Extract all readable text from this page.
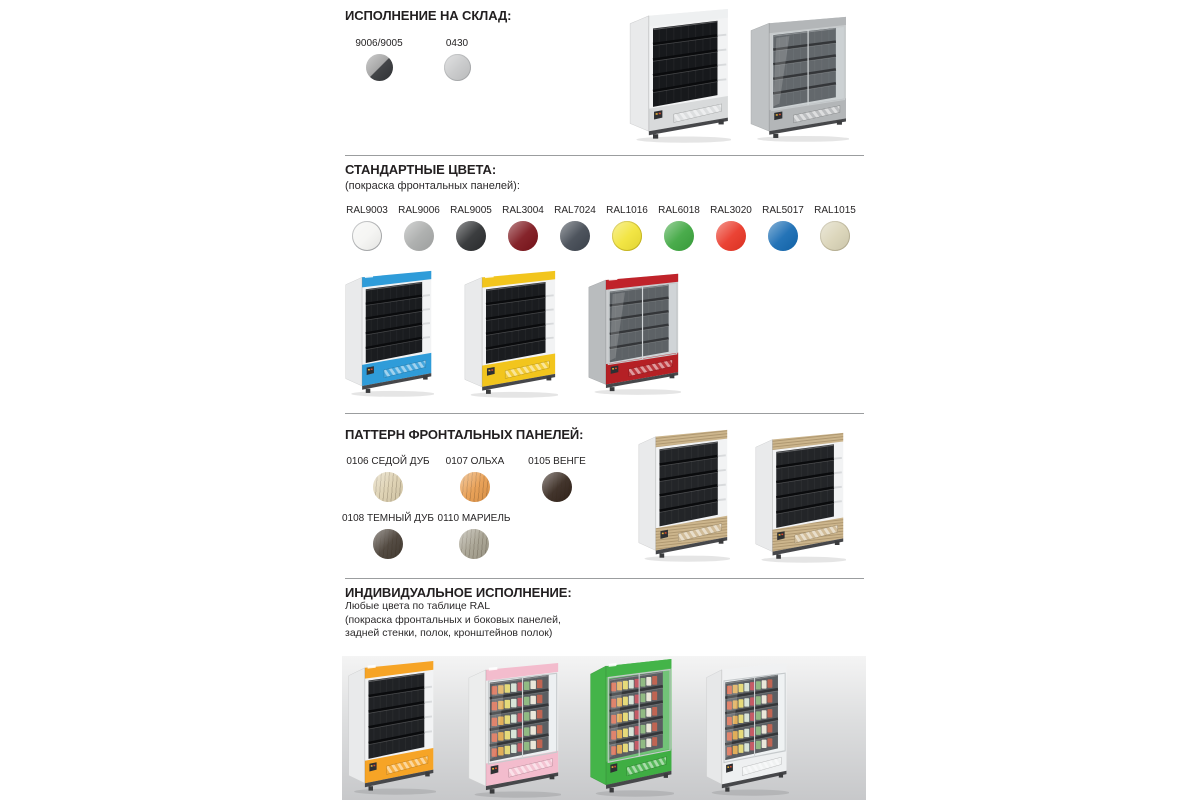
ИСПОЛНЕНИЕ НА СКЛАД:
9006/9005	0430
СТАНДАРТНЫЕ ЦВЕТА:
(покраска фронтальных панелей):
RAL9003 RAL9006 RAL9005 RAL3004 RAL7024 RAL1016 RAL6018 RAL3020 RAL5017 RAL1015
ПАТТЕРН ФРОНТАЛЬНЫХ ПАНЕЛЕЙ:
0106 СЕДОЙ ДУБ 0107 ОЛЬХА 0105 ВЕНГЕ
0108 ТЕМНЫЙ ДУБ 0110 МАРИЕЛЬ
ИНДИВИДУАЛЬНОЕ ИСПОЛНЕНИЕ:
Любые цвета по таблице RAL
(покраска фронтальных и боковых панелей,
задней стенки, полок, кронштейнов полок)
